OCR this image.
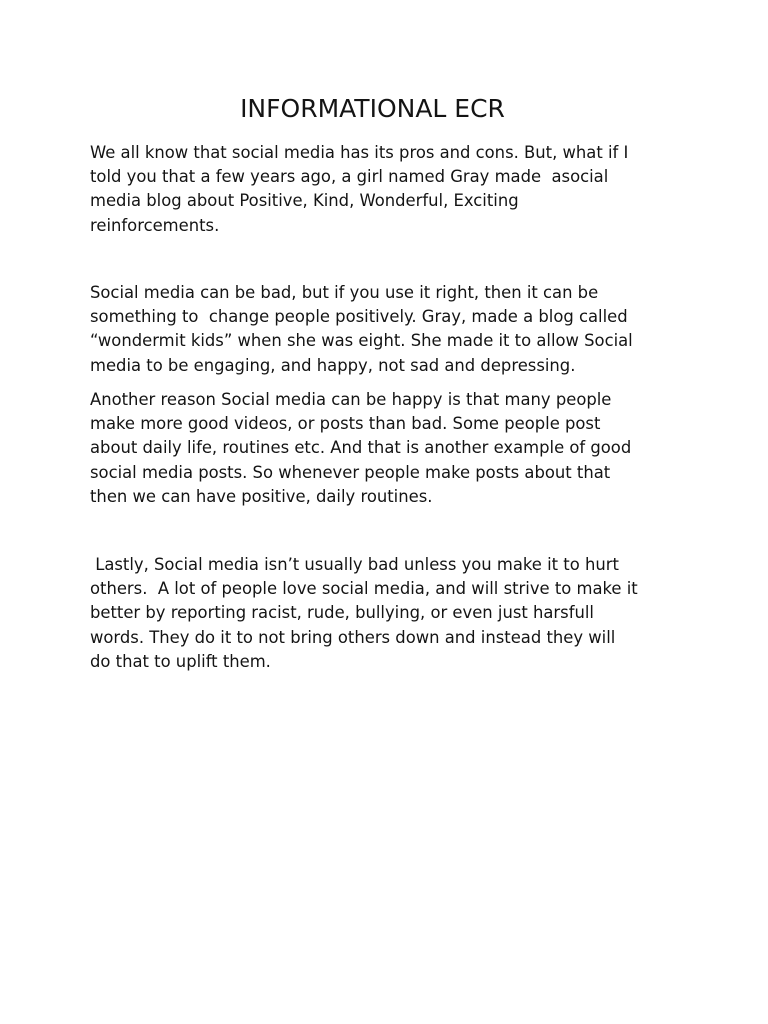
INFORMATIONAL ECR

We all know that social media has its pros and cons. But, what if I
told you that a few years ago, a girl named Gray made  asocial
media blog about Positive, Kind, Wonderful, Exciting
reinforcements.

Social media can be bad, but if you use it right, then it can be
something to  change people positively. Gray, made a blog called
“wondermit kids” when she was eight. She made it to allow Social
media to be engaging, and happy, not sad and depressing.

Another reason Social media can be happy is that many people
make more good videos, or posts than bad. Some people post
about daily life, routines etc. And that is another example of good
social media posts. So whenever people make posts about that
then we can have positive, daily routines.

Lastly, Social media isn’t usually bad unless you make it to hurt
others.  A lot of people love social media, and will strive to make it
better by reporting racist, rude, bullying, or even just harsfull
words. They do it to not bring others down and instead they will
do that to uplift them.
